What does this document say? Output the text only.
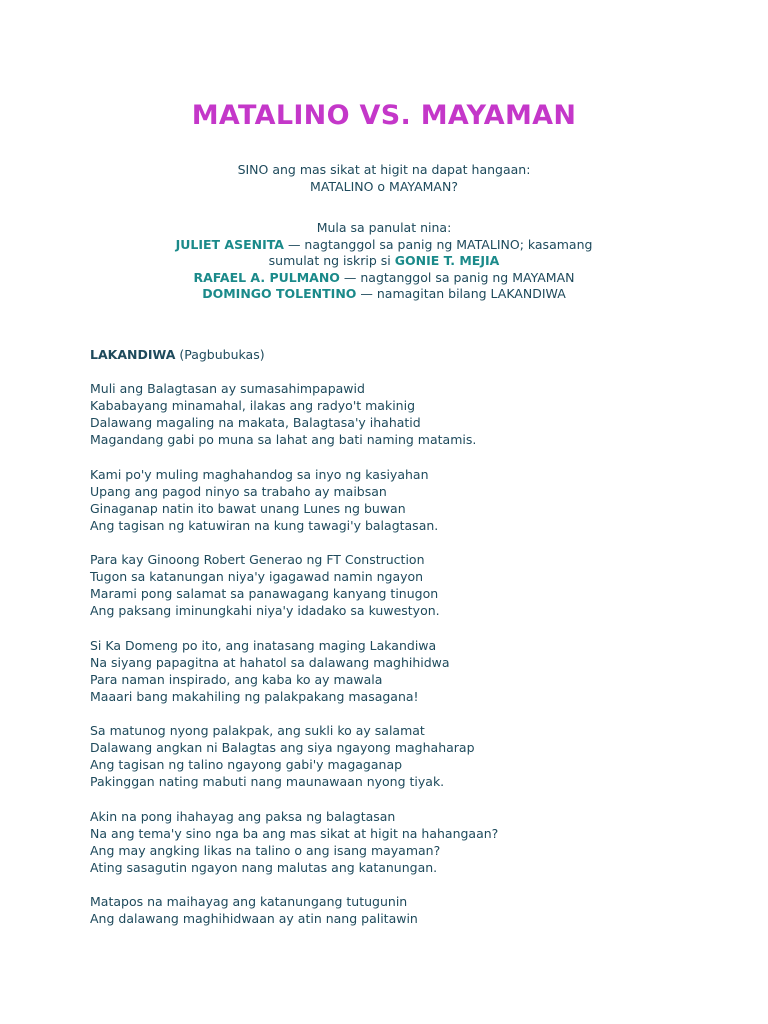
MATALINO VS. MAYAMAN
SINO ang mas sikat at higit na dapat hangaan:
MATALINO o MAYAMAN?
Mula sa panulat nina:
JULIET ASENITA — nagtanggol sa panig ng MATALINO; kasamang
sumulat ng iskrip si GONIE T. MEJIA
RAFAEL A. PULMANO — nagtanggol sa panig ng MAYAMAN
DOMINGO TOLENTINO — namagitan bilang LAKANDIWA
LAKANDIWA (Pagbubukas)
Muli ang Balagtasan ay sumasahimpapawid
Kababayang minamahal, ilakas ang radyo't makinig
Dalawang magaling na makata, Balagtasa'y ihahatid
Magandang gabi po muna sa lahat ang bati naming matamis.
Kami po'y muling maghahandog sa inyo ng kasiyahan
Upang ang pagod ninyo sa trabaho ay maibsan
Ginaganap natin ito bawat unang Lunes ng buwan
Ang tagisan ng katuwiran na kung tawagi'y balagtasan.
Para kay Ginoong Robert Generao ng FT Construction
Tugon sa katanungan niya'y igagawad namin ngayon
Marami pong salamat sa panawagang kanyang tinugon
Ang paksang iminungkahi niya'y idadako sa kuwestyon.
Si Ka Domeng po ito, ang inatasang maging Lakandiwa
Na siyang papagitna at hahatol sa dalawang maghihidwa
Para naman inspirado, ang kaba ko ay mawala
Maaari bang makahiling ng palakpakang masagana!
Sa matunog nyong palakpak, ang sukli ko ay salamat
Dalawang angkan ni Balagtas ang siya ngayong maghaharap
Ang tagisan ng talino ngayong gabi'y magaganap
Pakinggan nating mabuti nang maunawaan nyong tiyak.
Akin na pong ihahayag ang paksa ng balagtasan
Na ang tema'y sino nga ba ang mas sikat at higit na hahangaan?
Ang may angking likas na talino o ang isang mayaman?
Ating sasagutin ngayon nang malutas ang katanungan.
Matapos na maihayag ang katanungang tutugunin
Ang dalawang maghihidwaan ay atin nang palitawin
